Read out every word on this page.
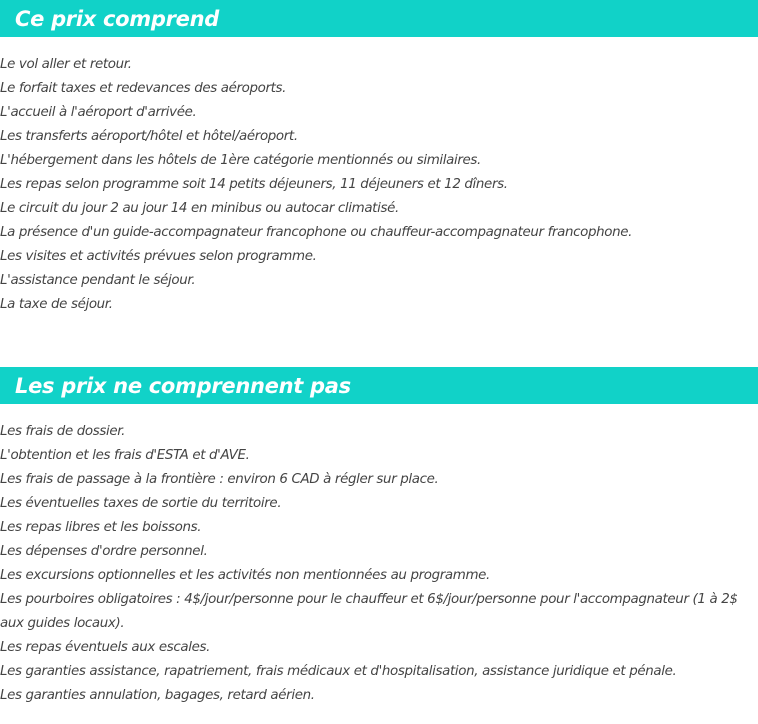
Ce prix comprend
Le vol aller et retour.
Le forfait taxes et redevances des aéroports.
L'accueil à l'aéroport d'arrivée.
Les transferts aéroport/hôtel et hôtel/aéroport.
L'hébergement dans les hôtels de 1ère catégorie mentionnés ou similaires.
Les repas selon programme soit 14 petits déjeuners, 11 déjeuners et 12 dîners.
Le circuit du jour 2 au jour 14 en minibus ou autocar climatisé.
La présence d'un guide-accompagnateur francophone ou chauffeur-accompagnateur francophone.
Les visites et activités prévues selon programme.
L'assistance pendant le séjour.
La taxe de séjour.
Les prix ne comprennent pas
Les frais de dossier.
L'obtention et les frais d'ESTA et d'AVE.
Les frais de passage à la frontière : environ 6 CAD à régler sur place.
Les éventuelles taxes de sortie du territoire.
Les repas libres et les boissons.
Les dépenses d'ordre personnel.
Les excursions optionnelles et les activités non mentionnées au programme.
Les pourboires obligatoires : 4$/jour/personne pour le chauffeur et 6$/jour/personne pour l'accompagnateur (1 à 2$ aux guides locaux).
Les repas éventuels aux escales.
Les garanties assistance, rapatriement, frais médicaux et d'hospitalisation, assistance juridique et pénale.
Les garanties annulation, bagages, retard aérien.
